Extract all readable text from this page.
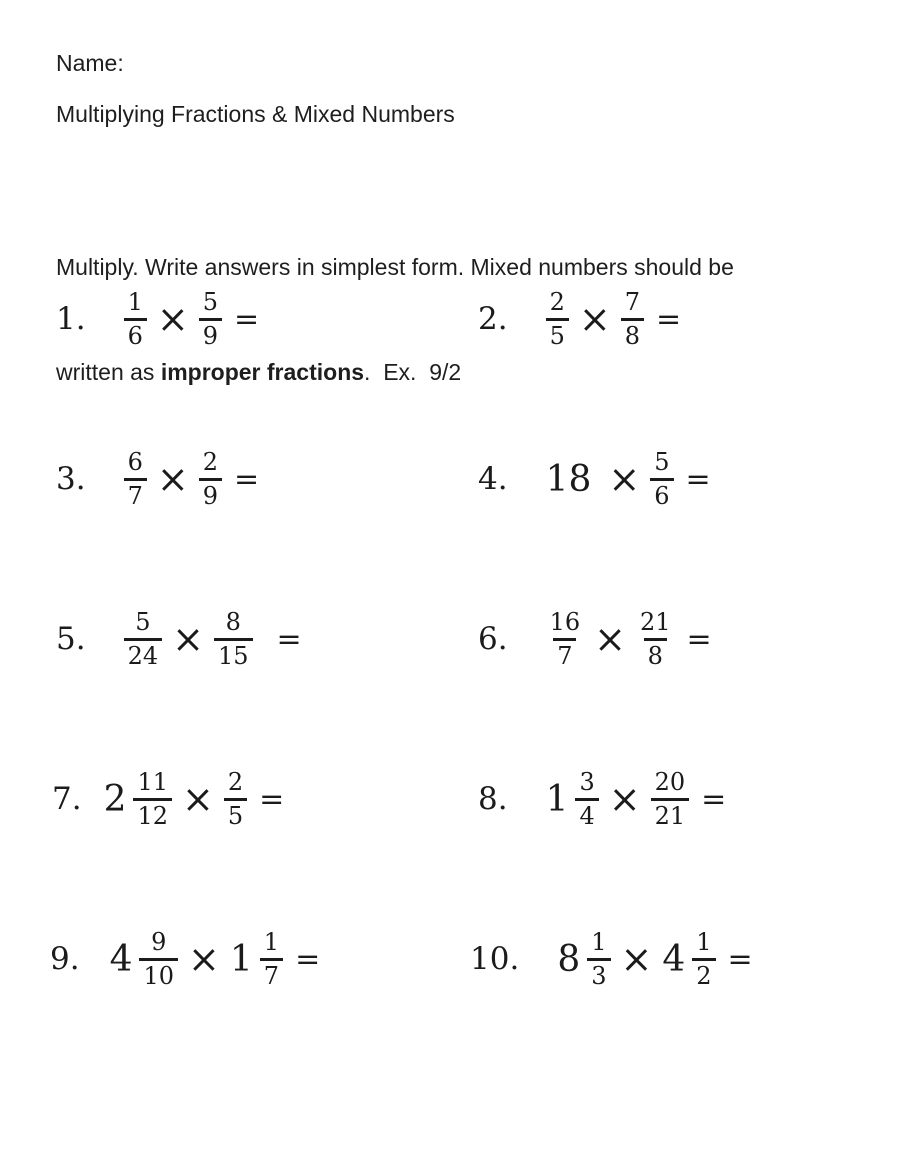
Name:
Multiplying Fractions & Mixed Numbers

Multiply. Write answers in simplest form. Mixed numbers should be

written as improper fractions.  Ex.  9/2

1. $\frac{1}{6} \times \frac{5}{9}$ =	2. $\frac{2}{5} \times \frac{7}{8}$ =
3. $\frac{6}{7} \times \frac{2}{9}$ =	4. $18 \times \frac{5}{6}$ =
5. $\frac{5}{24} \times \frac{8}{15}$ =	6. $\frac{16}{7} \times \frac{21}{8}$ =
7. $2 \frac{11}{12} \times \frac{2}{5}$ =	8. $1 \frac{3}{4} \times \frac{20}{21}$ =
9. $4 \frac{9}{10} \times 1 \frac{1}{7}$ =	10. $8 \frac{1}{3} \times 4 \frac{1}{2}$ =
